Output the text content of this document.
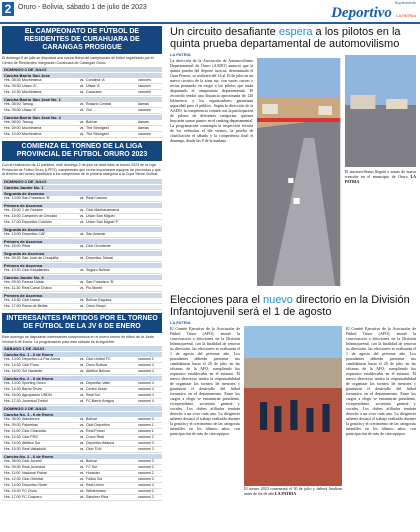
2 Oruro - Bolivia, sábado 1 de julio de 2023
Suplemento
Deportivo LA PATRIA
EL CAMPEONATO DE FÚTBOL DE RESIDENTES DE CURAHUARA DE CARANGAS PROSIGUE

El domingo 9 de julio se disputará una nueva fecha del campeonato de fútbol organizado por el Centro de Residentes Integración Curahuara de Carangas Oruro.

DOMINGO 2 DE JULIO
Cancha Barrio San Jose
Hrs. 08:30 Mochimiena	vs. Condima 'A'	varones
Hrs. 09:30 Uraco 'A'	vs. Utaca 'A'	varones
Hrs. 10:30 Mochimiena	vs. Caravano	varones
Cancha Barrio San José No. 1
Hrs. 08:00 Tarsog	vs. Rosario Central	damas
Hrs. 09:00 Utaca 'A'	vs. Gol	varones
Cancha Barrio San José No. 2
Hrs. 08:00 Tarsog	vs. Bolívar	damas
Hrs. 09:00 Mochimiena	vs. The Strongest	damas
Hrs. 10:00 Mochimiena	vs. The Strongest	varones
COMIENZA EL TORNEO DE LA LIGA PROVINCIAL DE FÚTBOL ORURO 2023

Con la realización de 11 partidos, este domingo 2 de julio se dará inicio al torneo 2023 de la Liga Provincial de Fútbol Oruro (LPFO), campeonato que reúne importantes equipos de provincias y que al término del torneo clasificará a los campeones de la primera categoría a la Copa Simón Bolívar.

DOMINGO 2 DE JULIO
Cancha Jauder No. 1
Segunda de Ascenso
Hrs. 13:00 San Francisco 'B'	vs. Real Craiono
Primera de Ascenso
Hrs. 15:00 1 de Octubre	vs. Club Machacamarca
Hrs. 15:00 Campeón de Cercado	vs. Unión San Miguel
Hrs. 17:00 Deportivo Colchón	vs. Unión San Miguel 'F'
Segunda de Ascenso
Hrs. 13:00 Deportivo CAF	vs. San Antonio
Primera de Ascenso
Hrs. 15:00 Rivel	vs. Club Occidente
Segunda de Ascenso
Hrs. 09:30 San José de Chuquiña	vs. Deportivo Totoral
Primera de Ascenso
Hrs. 10:30 Club Estudiantes	vs. Seguro Bolívar
Cancha Jauder No. 3
Hrs. 09:30 Fuerza Unida	vs. San Francisco 'B'
Hrs. 11:30 Real Canal Chalco	vs. Pio Monte
Primera de Ascenso
Hrs. 15:30 Club Llanur	vs. Bolívar Esquina
Hrs. 17:00 Ramo de Bellas	vs. Oruro Noqui
INTERESANTES PARTIDOS POR EL TORNEO DE FÚTBOL DE LA JV 6 DE ENERO

Este domingo se disputarán interesantes compromisos en el nuevo torneo de fútbol de la Junta Vecinal 6 de Enero. La programación para este sábado es la siguiente:

SÁBADO 1 DE JULIO
Cancha No. 1 - 6 de Enero
Hrs. 13:00 Deportivo La Paz Arena	vs. Club United FC	varones 2
Hrs. 14:30 Club Puno	vs. Oruro Bolívar	varones 4
Hrs. 16:00 Sol Naciente	vs. Atlético Bolívar	varones 4
Cancha No. 2 - 6 de Enero
Hrs. 13:00 Sporting Oruro	vs. Deportivo Valle	varones 4
Hrs. 14:30 Barrio Oruro	vs. Centro Unión	varones 4
Hrs. 16:00 Agrupación UNDN	vs. Real Sol	varones 4
Hrs. 17:30 Juventud Trébol	vs. FC Barrio Amigos	varones 4
DOMINGO 2 DE JULIO
Cancha No. 1 - 6 de Enero
Hrs. 08:00 Wanderers	vs. Bolívar	varones 3
Hrs. 09:30 Palmeiras	vs. Club Deportivo	varones 1
Hrs. 11:00 Club Chacarita	vs. Real Potosí	varones 1
Hrs. 12:30 Club PSG	vs. Cruce Real	varones 2
Hrs. 14:00 Atlético Sur	vs. Deportivo Alianza	varones 3
Hrs. 15:30 Real Valladolid	vs. Club TLM	varones 3
Cancha No. 2 - 6 de Enero
Hrs. 08:00 Club Juvenil	vs. Bolívar	varones 3
Hrs. 09:30 Real Juventud	vs. FC Sur	varones 2
Hrs. 11:00 Nacional Potosí	vs. Huracán	varones 2
Hrs. 12:30 Club Oriental	vs. Fútbol Sol	varones 3
Hrs. 14:00 Deportivo Norte	vs. Real Unión	varones 4
Hrs. 15:30 FC Oruro	vs. Wilstermann	varones 2
Hrs. 17:00 FC Coquero	vs. Sánchez Riva	varones 2
Un circuito desafiante espera a los pilotos en la quinta prueba departamental de automovilismo
LA PATRIA

La dirección de la Asociación de Automovilismo Departamental de Oruro (AADO) anunció que la quinta prueba del deporte tuercas, denominada el Gran Premio, se realizará del 14 al 16 de julio en un nuevo circuito de la zona sur, con varias curvas y rectas pensando en exigir a los pilotos que están disputando el campeonato departamental. El recorrido tendrá una distancia aproximada de 120 kilómetros y los organizadores garantizan seguridad para el público. Según la dirección de la AADO, la competencia contará con la participación de pilotos de diferentes categorías, quienes buscarán sumar puntos en el ranking departamental. La programación contempla la inspección técnica de los vehículos el día viernes, la prueba de clasificación el sábado y la competencia final el domingo, desde las 9 de la mañana.

El automovilismo llegará a zonas de nueva creación en el municipio de Oruro LA PATRIA

Elecciones para el nuevo directorio en la División Infantojuvenil será el 1 de agosto
LA PATRIA

El Comité Ejecutivo de la Asociación de Fútbol Oruro (AFO), emitió la convocatoria a elecciones en la División Infantojuvenil, con la finalidad de renovar su directorio, las elecciones se realizarán el 1 de agosto del presente año. Los postulantes deberán presentar sus candidaturas hasta el 20 de julio en las oficinas de la AFO, cumpliendo los requisitos establecidos en el estatuto. El nuevo directorio tendrá la responsabilidad de organizar los torneos de menores y garantizar el desarrollo del fútbol formativo en el departamento. Entre los cargos a elegir se encuentran presidente, vicepresidente, secretario general y vocales. Los clubes afiliados tendrán derecho a un voto cada uno. La dirigencia saliente destacó el trabajo realizado durante la gestión y el crecimiento de las categorías infantiles en los últimos años, con participación de más de cien equipos.

El torneo 2023 comenzará el 30 de julio y deberá finalizar antes de fin de año LA PATRIA

El Comité Ejecutivo de la Asociación de Fútbol Oruro (AFO), emitió la convocatoria a elecciones en la División Infantojuvenil, con la finalidad de renovar su directorio, las elecciones se realizarán el 1 de agosto del presente año. Los postulantes deberán presentar sus candidaturas hasta el 20 de julio en las oficinas de la AFO, cumpliendo los requisitos establecidos en el estatuto. El nuevo directorio tendrá la responsabilidad de organizar los torneos de menores y garantizar el desarrollo del fútbol formativo en el departamento. Entre los cargos a elegir se encuentran presidente, vicepresidente, secretario general y vocales. Los clubes afiliados tendrán derecho a un voto cada uno. La dirigencia saliente destacó el trabajo realizado durante la gestión y el crecimiento de las categorías infantiles en los últimos años, con participación de más de cien equipos.
